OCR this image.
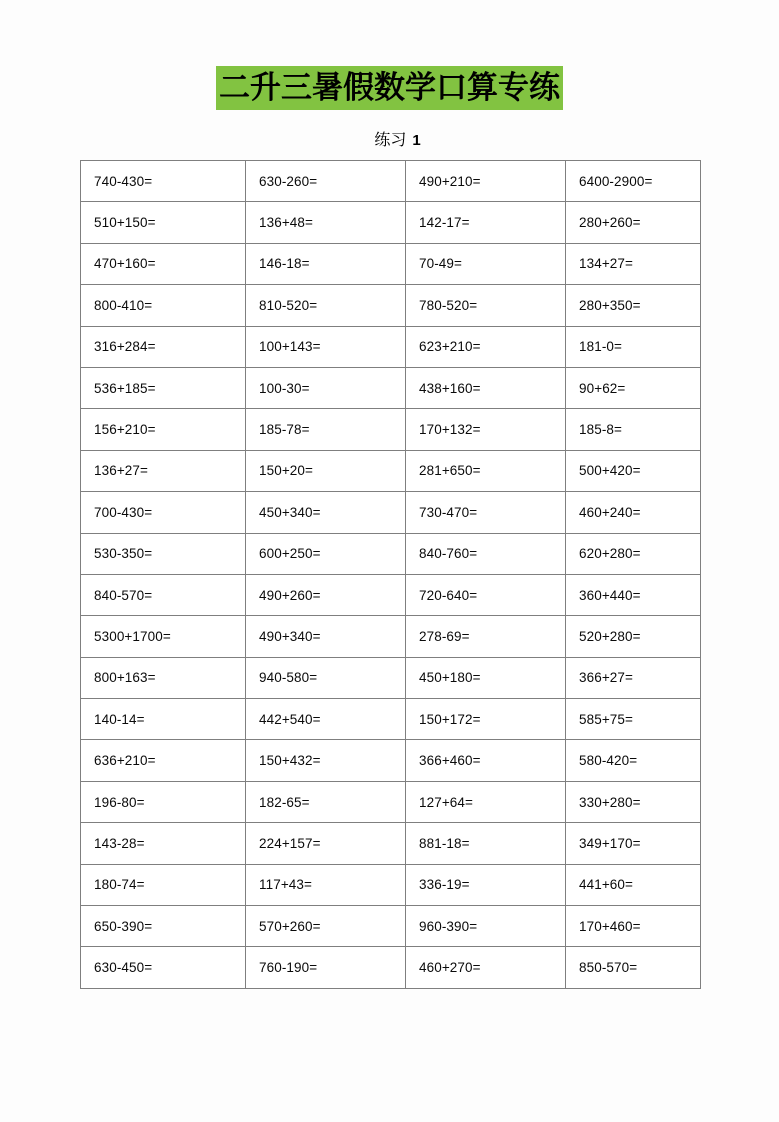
二升三暑假数学口算专练
练习 1
740-430=	630-260=	490+210=	6400-2900=
510+150=	136+48=	142-17=	280+260=
470+160=	146-18=	70-49=	134+27=
800-410=	810-520=	780-520=	280+350=
316+284=	100+143=	623+210=	181-0=
536+185=	100-30=	438+160=	90+62=
156+210=	185-78=	170+132=	185-8=
136+27=	150+20=	281+650=	500+420=
700-430=	450+340=	730-470=	460+240=
530-350=	600+250=	840-760=	620+280=
840-570=	490+260=	720-640=	360+440=
5300+1700=	490+340=	278-69=	520+280=
800+163=	940-580=	450+180=	366+27=
140-14=	442+540=	150+172=	585+75=
636+210=	150+432=	366+460=	580-420=
196-80=	182-65=	127+64=	330+280=
143-28=	224+157=	881-18=	349+170=
180-74=	117+43=	336-19=	441+60=
650-390=	570+260=	960-390=	170+460=
630-450=	760-190=	460+270=	850-570=
